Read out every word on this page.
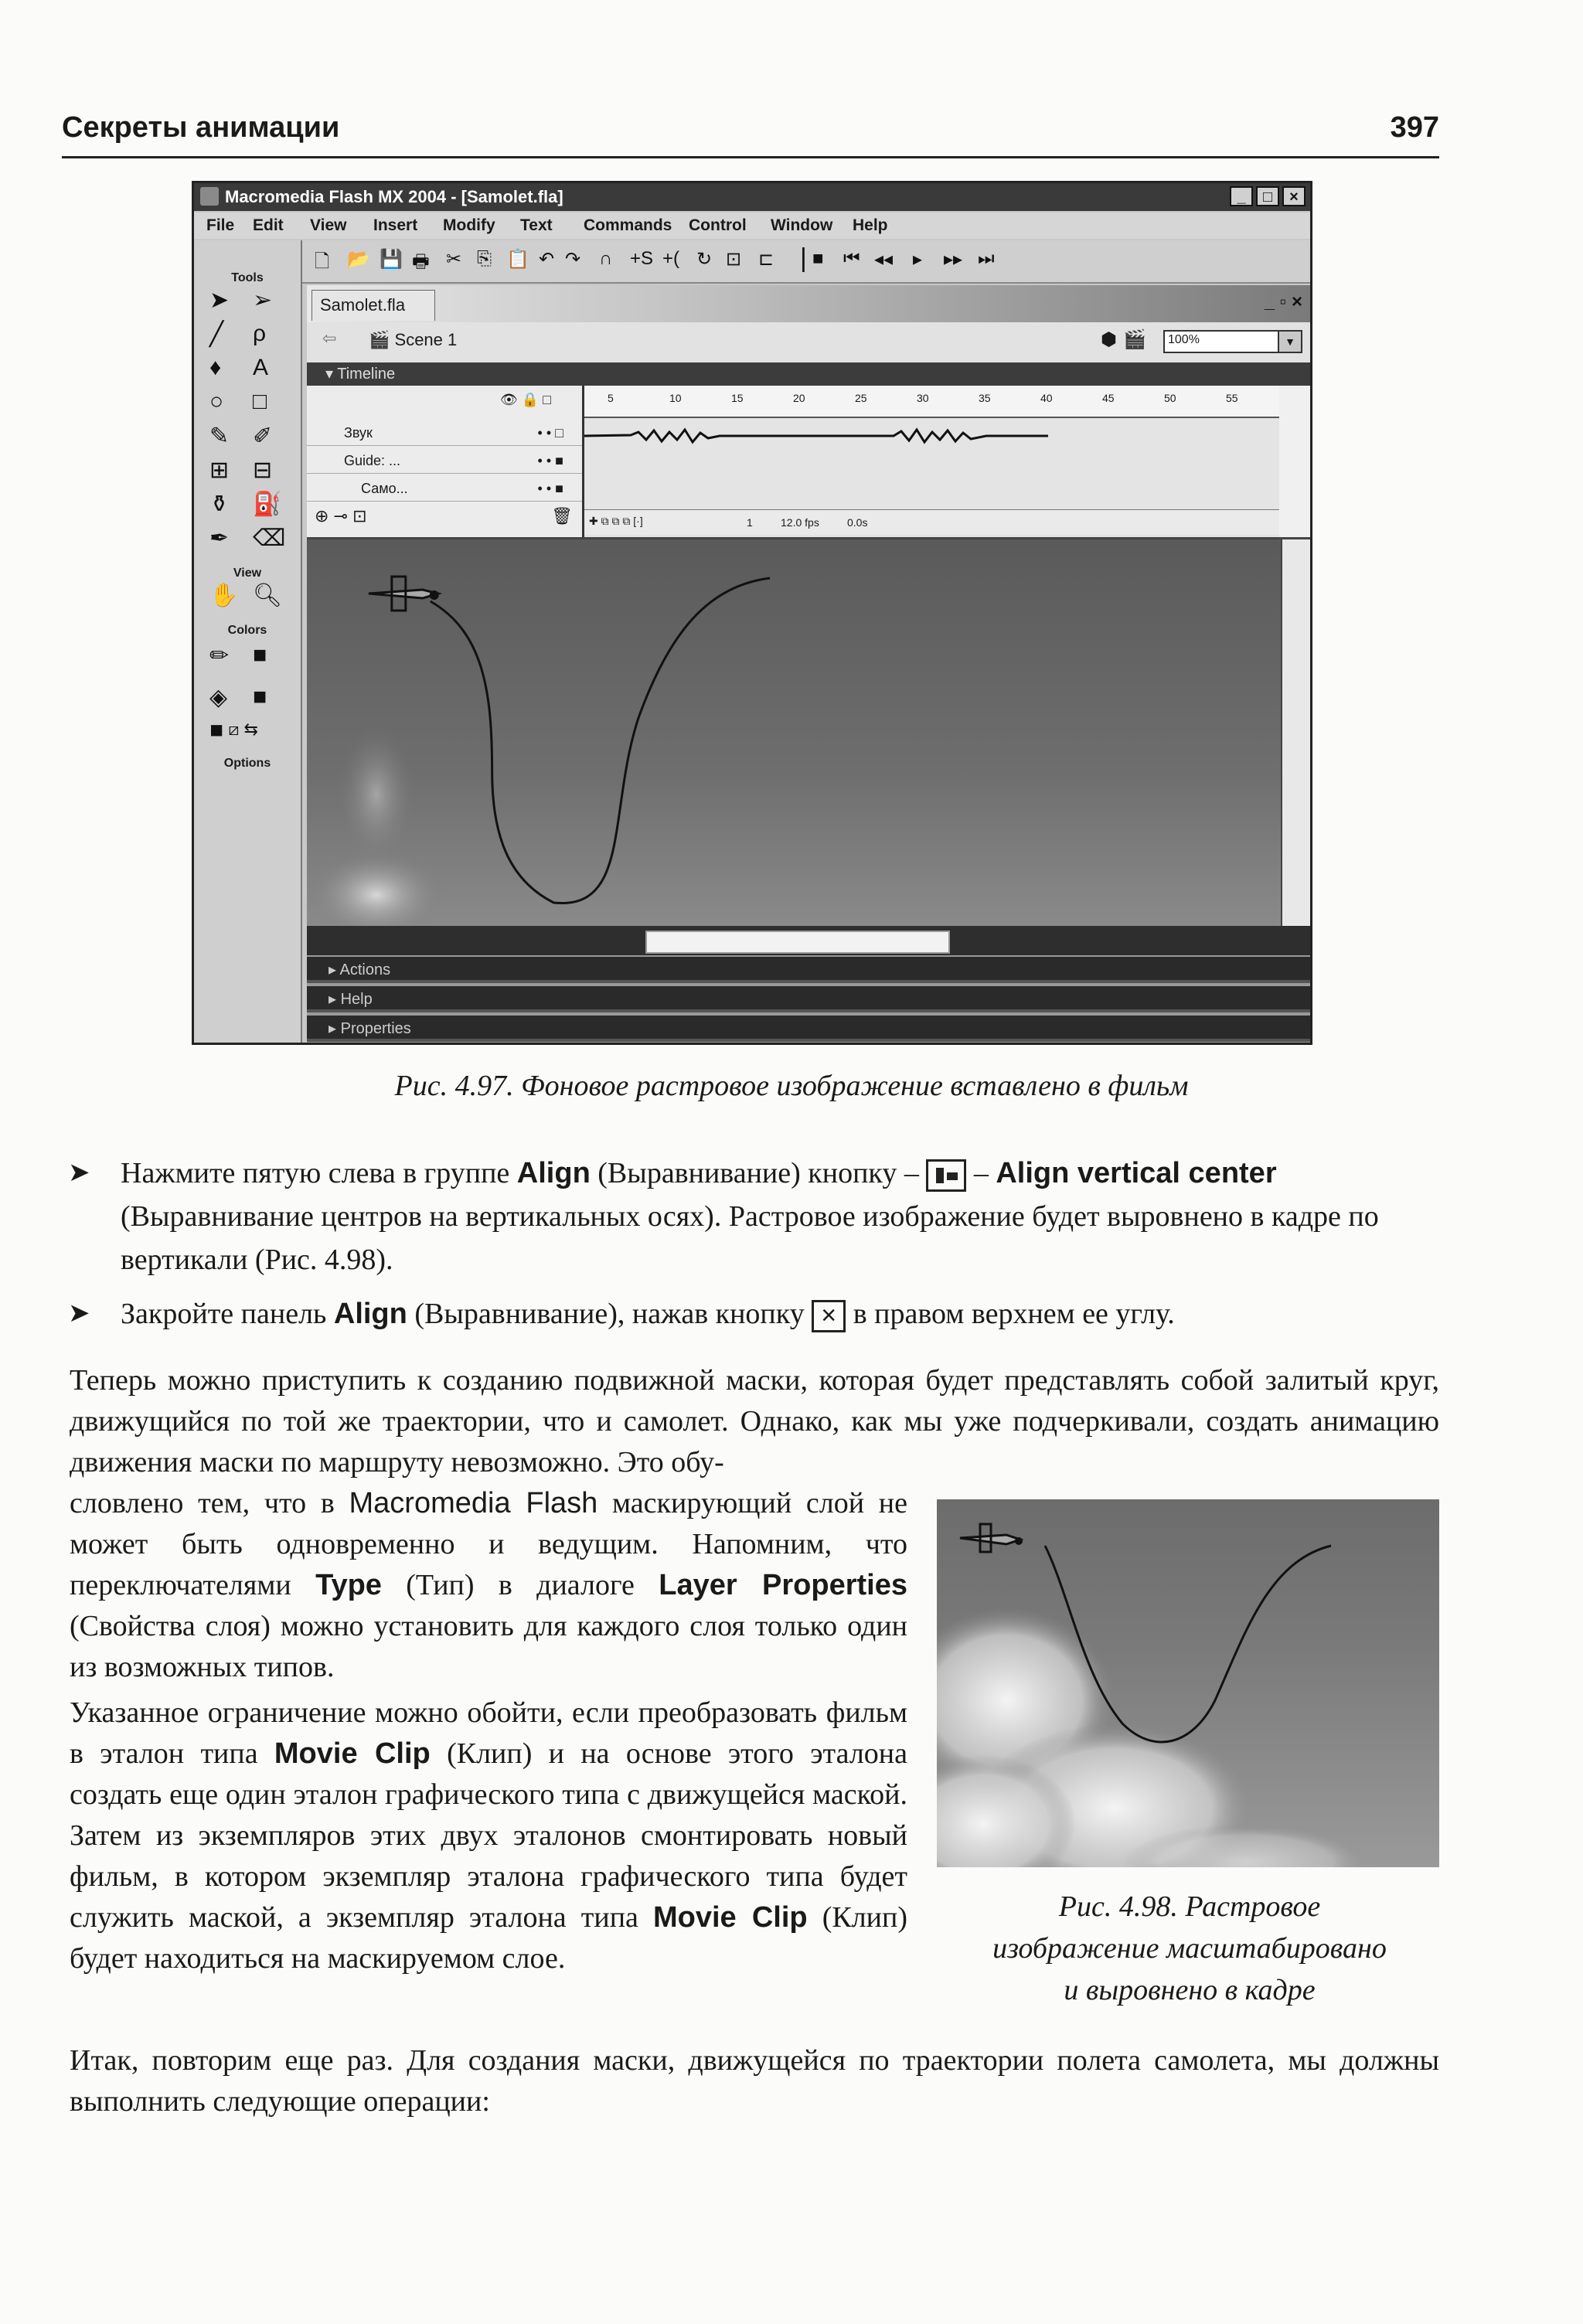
Секреты анимации	397
Macromedia Flash MX 2004 - [Samolet.fla]	_	□	×
File Edit View Insert Modify Text Commands Control Window Help
🗋 📂 💾 🖶 ✂ ⎘ 📋 ↶ ↷ ∩ +S +( ↻ ⊡ ⊏ | ■ ⏮ ◂◂ ▸ ▸▸ ⏭
Tools
➤ ➢
╱ ρ
♦ A
○ □
✎ ✐
⊞ ⊟
⚱ ⛽
✒ ⌫
View
✋ 🔍︎
Colors
✏ ■
◈ ■
◼ ⧄ ⇆
Options
Samolet.fla	_ ▫ ×
⇦ 🎬 Scene 1	🎬
⬢	100%	▼
▾ Timeline
👁 🔒 □
Звук	• • □
Guide: ...	• • ■
Само...	• • ■
⊕ ⊸ ⊡	🗑
5	10	15	20	25	30	35	40	45	50	55
✚ ⧉ ⧉ ⧉ [·]	1	12.0 fps	0.0s
▸ Actions
▸ Help
▸ Properties
Рис. 4.97. Фоновое растровое изображение вставлено в фильм
➤ Нажмите пятую слева в группе Align (Выравнивание) кнопку –  – Align vertical center (Выравнивание центров на вертикальных осях). Растровое изображение будет выровнено в кадре по вертикали (Рис. 4.98).
➤ Закройте панель Align (Выравнивание), нажав кнопку × в правом верхнем ее углу.
Теперь можно приступить к созданию подвижной маски, которая будет представлять собой залитый круг, движущийся по той же траектории, что и самолет. Однако, как мы уже подчеркивали, создать анимацию движения маски по маршруту невозможно. Это обу-
словлено тем, что в Macromedia Flash маскирующий слой не может быть одновременно и ведущим. Напомним, что переключателями Type (Тип) в диалоге Layer Properties (Свойства слоя) можно установить для каждого слоя только один из возможных типов.
Указанное ограничение можно обойти, если преобразовать фильм в эталон типа Movie Clip (Клип) и на основе этого эталона создать еще один эталон графического типа с движущейся маской. Затем из экземпляров этих двух эталонов смонтировать новый фильм, в котором экземпляр эталона графического типа будет служить маской, а экземпляр эталона типа Movie Clip (Клип) будет находиться на маскируемом слое.
Рис. 4.98. Растровое
изображение масштабировано
и выровнено в кадре
Итак, повторим еще раз. Для создания маски, движущейся по траектории полета самолета, мы должны выполнить следующие операции:
